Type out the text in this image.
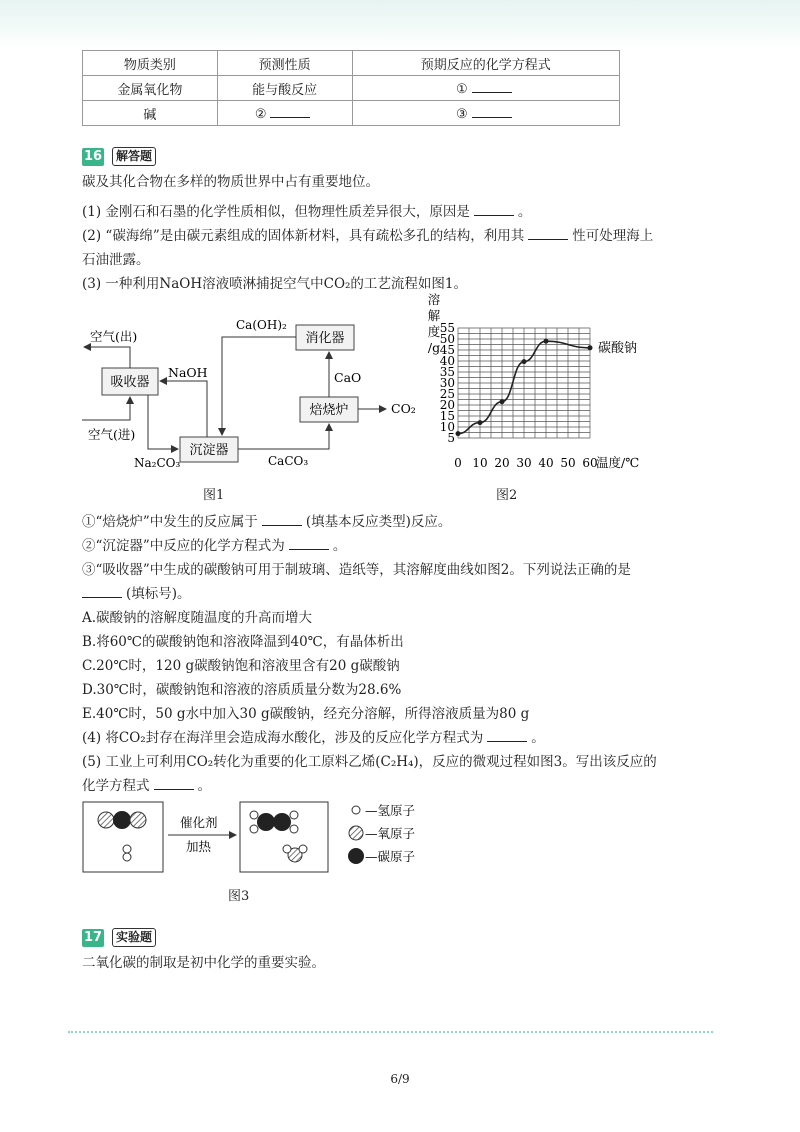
物质类别	预测性质	预期反应的化学方程式
金属氧化物	能与酸反应	①
碱	②	③
16	解答题
碳及其化合物在多样的物质世界中占有重要地位。
(1) 金刚石和石墨的化学性质相似，但物理性质差异很大，原因是	。
(2) “碳海绵”是由碳元素组成的固体新材料，具有疏松多孔的结构，利用其	性可处理海上
石油泄露。
(3) 一种利用NaOH溶液喷淋捕捉空气中CO₂的工艺流程如图1。
吸收器
沉淀器
消化器
焙烧炉
空气(出)
空气(进)
Na₂CO₃
NaOH
Ca(OH)₂
CaCO₃
CaO
CO₂
图1
溶
解
度
/g
5
10
15
20
25
30
35
40
45
50
55
0 10 20 30 40 50 60
温度/℃
碳酸钠
图2
①“焙烧炉”中发生的反应属于	(填基本反应类型)反应。
②“沉淀器”中反应的化学方程式为	。
③“吸收器”中生成的碳酸钠可用于制玻璃、造纸等，其溶解度曲线如图2。下列说法正确的是
(填标号)。
A.碳酸钠的溶解度随温度的升高而增大
B.将60℃的碳酸钠饱和溶液降温到40℃，有晶体析出
C.20℃时，120 g碳酸钠饱和溶液里含有20 g碳酸钠
D.30℃时，碳酸钠饱和溶液的溶质质量分数为28.6%
E.40℃时，50 g水中加入30 g碳酸钠，经充分溶解，所得溶液质量为80 g
(4) 将CO₂封存在海洋里会造成海水酸化，涉及的反应化学方程式为	。
(5) 工业上可利用CO₂转化为重要的化工原料乙烯(C₂H₄)，反应的微观过程如图3。写出该反应的
化学方程式	。
催化剂
加热
—氢原子
—氧原子
—碳原子
图3
17	实验题
二氧化碳的制取是初中化学的重要实验。
6/9
